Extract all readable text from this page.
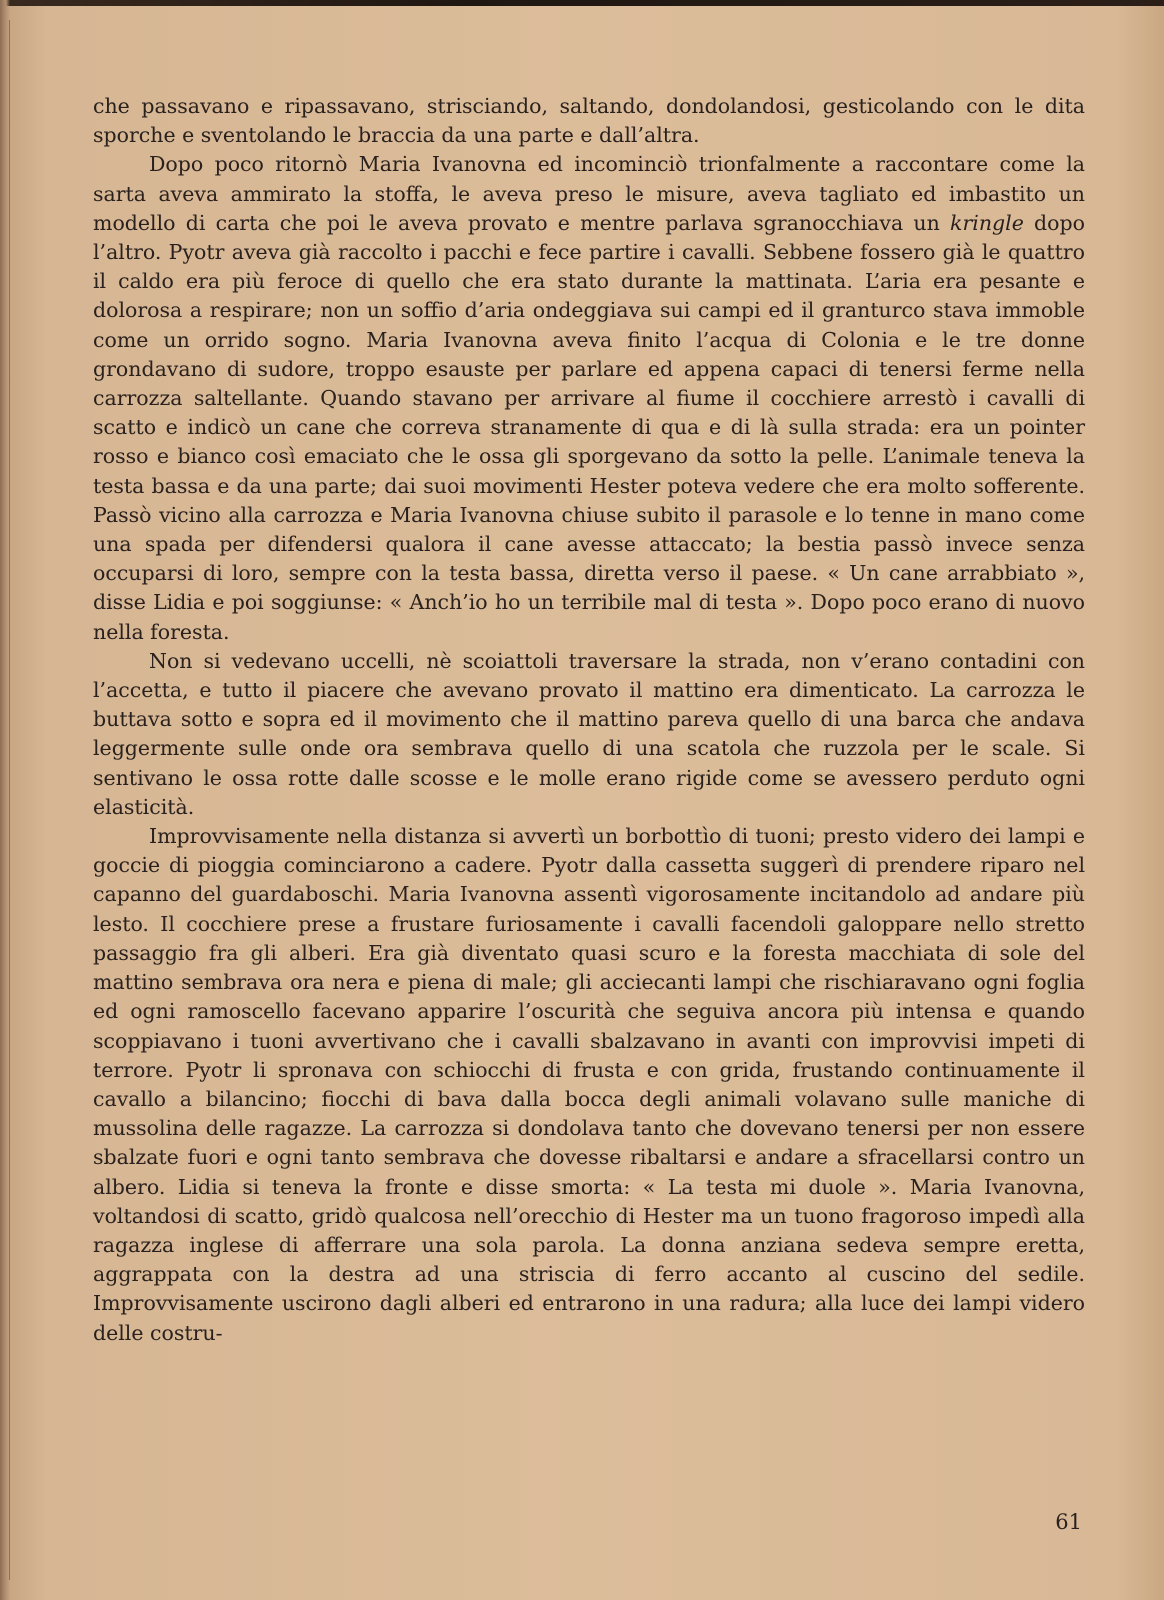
che passavano e ripassavano, strisciando, saltando, dondolandosi, gesticolando con le dita sporche e sventolando le braccia da una parte e dall’altra.

Dopo poco ritornò Maria Ivanovna ed incominciò trionfalmente a raccontare come la sarta aveva ammirato la stoffa, le aveva preso le misure, aveva tagliato ed imbastito un modello di carta che poi le aveva provato e mentre parlava sgranocchiava un kringle dopo l’altro. Pyotr aveva già raccolto i pacchi e fece partire i cavalli. Sebbene fossero già le quattro il caldo era più feroce di quello che era stato durante la mattinata. L’aria era pesante e dolorosa a respirare; non un soffio d’aria ondeggiava sui campi ed il granturco stava immoble come un orrido sogno. Maria Ivanovna aveva finito l’acqua di Colonia e le tre donne grondavano di sudore, troppo esauste per parlare ed appena capaci di tenersi ferme nella carrozza saltellante. Quando stavano per arrivare al fiume il cocchiere arrestò i cavalli di scatto e indicò un cane che correva stranamente di qua e di là sulla strada: era un pointer rosso e bianco così emaciato che le ossa gli sporgevano da sotto la pelle. L’animale teneva la testa bassa e da una parte; dai suoi movimenti Hester poteva vedere che era molto sofferente. Passò vicino alla carrozza e Maria Ivanovna chiuse subito il parasole e lo tenne in mano come una spada per difendersi qualora il cane avesse attaccato; la bestia passò invece senza occuparsi di loro, sempre con la testa bassa, diretta verso il paese. « Un cane arrabbiato », disse Lidia e poi soggiunse: « Anch’io ho un terribile mal di testa ». Dopo poco erano di nuovo nella foresta.

Non si vedevano uccelli, nè scoiattoli traversare la strada, non v’erano contadini con l’accetta, e tutto il piacere che avevano provato il mattino era dimenticato. La carrozza le buttava sotto e sopra ed il movimento che il mattino pareva quello di una barca che andava leggermente sulle onde ora sembrava quello di una scatola che ruzzola per le scale. Si sentivano le ossa rotte dalle scosse e le molle erano rigide come se avessero perduto ogni elasticità.

Improvvisamente nella distanza si avvertì un borbottìo di tuoni; presto videro dei lampi e goccie di pioggia cominciarono a cadere. Pyotr dalla cassetta suggerì di prendere riparo nel capanno del guardaboschi. Maria Ivanovna assentì vigorosamente incitandolo ad andare più lesto. Il cocchiere prese a frustare furiosamente i cavalli facendoli galoppare nello stretto passaggio fra gli alberi. Era già diventato quasi scuro e la foresta macchiata di sole del mattino sembrava ora nera e piena di male; gli acciecanti lampi che rischiaravano ogni foglia ed ogni ramoscello facevano apparire l’oscurità che seguiva ancora più intensa e quando scoppiavano i tuoni avvertivano che i cavalli sbalzavano in avanti con improvvisi impeti di terrore. Pyotr li spronava con schiocchi di frusta e con grida, frustando continuamente il cavallo a bilancino; fiocchi di bava dalla bocca degli animali volavano sulle maniche di mussolina delle ragazze. La carrozza si dondolava tanto che dovevano tenersi per non essere sbalzate fuori e ogni tanto sembrava che dovesse ribaltarsi e andare a sfracellarsi contro un albero. Lidia si teneva la fronte e disse smorta: « La testa mi duole ». Maria Ivanovna, voltandosi di scatto, gridò qualcosa nell’orecchio di Hester ma un tuono fragoroso impedì alla ragazza inglese di afferrare una sola parola. La donna anziana sedeva sempre eretta, aggrappata con la destra ad una striscia di ferro accanto al cuscino del sedile. Improvvisamente uscirono dagli alberi ed entrarono in una radura; alla luce dei lampi videro delle costru-

61
